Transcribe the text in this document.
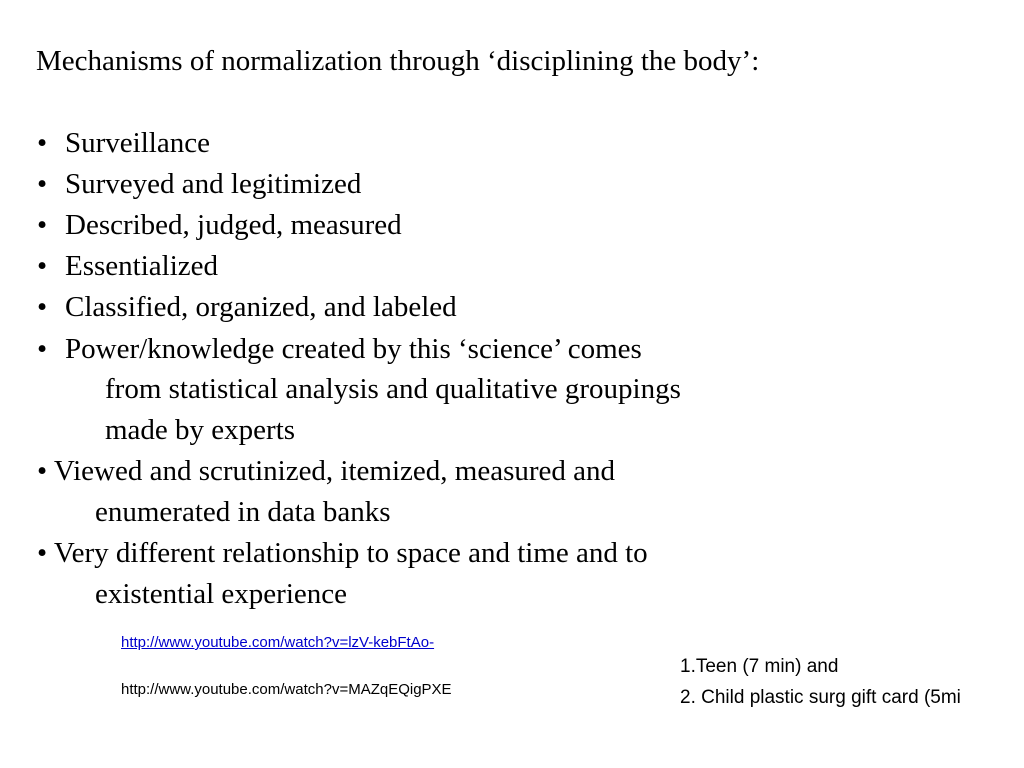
Mechanisms of normalization through ‘disciplining the body’:
• Surveillance
• Surveyed and legitimized
• Described, judged, measured
• Essentialized
• Classified, organized, and labeled
• Power/knowledge created by this ‘science’ comes
from statistical analysis and qualitative groupings
made by experts
• Viewed and scrutinized, itemized, measured and
enumerated in data banks
• Very different relationship to space and time and to
existential experience
http://www.youtube.com/watch?v=lzV-kebFtAo-
http://www.youtube.com/watch?v=MAZqEQigPXE
1.Teen (7 min) and
2. Child plastic surg gift card (5mi
